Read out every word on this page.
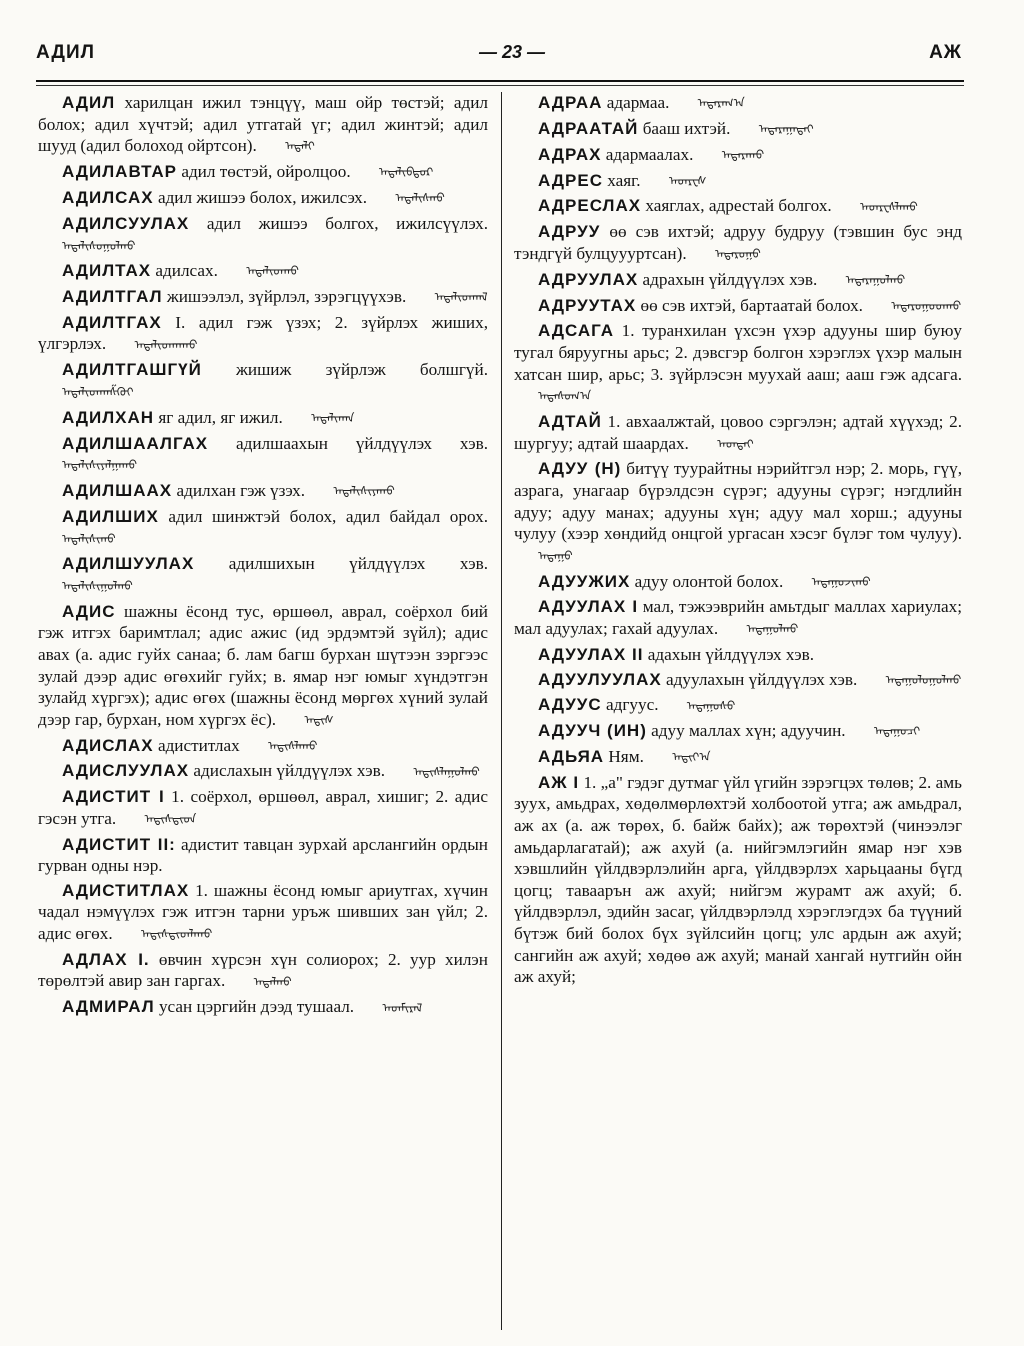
АДИЛ	— 23 —	АЖ

АДИЛ харилцан ижил тэнцүү, маш ойр төстэй; адил болох; адил хүчтэй; адил утгатай үг; адил жинтэй; адил шууд (адил болоход ойртсон). ᠠᠳᠠᠯᠢ

АДИЛАВТАР адил төстэй, ойролцоо. ᠠᠳᠠᠯᠢᠪᠲᠤᠷ

АДИЛСАХ адил жишээ болох, ижилсэх. ᠠᠳᠠᠯᠢᠰᠬᠤ

АДИЛСУУЛАХ адил жишээ болгох, ижилсүүлэх. ᠠᠳᠠᠯᠢᠰᠤᠭᠤᠯᠬᠤ

АДИЛТАХ адилсах. ᠠᠳᠠᠯᠢᠳᠬᠤ

АДИЛТГАЛ жишээлэл, зүйрлэл, зэрэгцүүхэв. ᠠᠳᠠᠯᠢᠳᠬᠠᠯ

АДИЛТГАХ I. адил гэж үзэх; 2. зүйрлэх жиших, үлгэрлэх. ᠠᠳᠠᠯᠢᠳᠬᠠᠬᠤ

АДИЛТГАШГҮЙ жишиж зүйрлэж болшгүй. ᠠᠳᠠᠯᠢᠳᠬᠠᠱᠭᠦᠢ

АДИЛХАН яг адил, яг ижил. ᠠᠳᠠᠯᠢᠬᠠᠨ

АДИЛШААЛГАХ адилшаахын үйлдүүлэх хэв. ᠠᠳᠠᠯᠢᠰᠢᠶᠠᠯᠭᠠᠬᠤ

АДИЛШААХ адилхан гэж үзэх. ᠠᠳᠠᠯᠢᠰᠢᠶᠠᠬᠤ

АДИЛШИХ адил шинжтэй болох, адил байдал орох. ᠠᠳᠠᠯᠢᠰᠢᠬᠤ

АДИЛШУУЛАХ адилшихын үйлдүүлэх хэв. ᠠᠳᠠᠯᠢᠰᠢᠭᠤᠯᠬᠤ

АДИС шажны ёсонд тус, өршөөл, аврал, соёрхол бий гэж итгэх баримтлал; адис ажис (ид эрдэмтэй зүйл); адис авах (а. адис гуйх санаа; б. лам багш бурхан шүтээн зэргээс зулай дээр адис өгөхийг гуйх; в. ямар нэг юмыг хүндэтгэн зулайд хүргэх); адис өгөх (шажны ёсонд мөргөх хүний зулай дээр гар, бурхан, ном хүргэх ёс). ᠠᠳᠢᠰ

АДИСЛАХ адиститлах ᠠᠳᠢᠰᠯᠠᠬᠤ

АДИСЛУУЛАХ адислахын үйлдүүлэх хэв. ᠠᠳᠢᠰᠯᠠᠭᠤᠯᠬᠤ

АДИСТИТ I 1. соёрхол, өршөөл, аврал, хишиг; 2. адис гэсэн утга. ᠠᠳᠢᠰᠲᠢᠳ

АДИСТИТ II: адистит тавцан зурхай арслангийн ордын гурван одны нэр.

АДИСТИТЛАХ 1. шажны ёсонд юмыг ариутгах, хүчин чадал нэмүүлэх гэж итгэн тарни уръж шивших зан үйл; 2. адис өгөх. ᠠᠳᠢᠰᠲᠢᠳᠯᠠᠬᠤ

АДЛАХ I. өвчин хүрсэн хүн солиорох; 2. уур хилэн төрөлтэй авир зан гаргах. ᠠᠳᠠᠯᠬᠤ

АДМИРАЛ усан цэргийн дээд тушаал. ᠠᠳᠮᠢᠷᠠᠯ

АДРАА адармаа. ᠠᠳᠠᠷᠠᠭ᠎ᠠ

АДРААТАЙ бааш ихтэй. ᠠᠳᠠᠷᠠᠭᠠᠲᠠᠢ

АДРАХ адармаалах. ᠠᠳᠠᠷᠠᠬᠤ

АДРЕС хаяг. ᠠᠳᠷᠧᠰ

АДРЕСЛАХ хаяглах, адрестай болгох. ᠠᠳᠷᠧᠰᠯᠠᠬᠤ

АДРУУ өө сэв ихтэй; адруу будруу (тэвшин бус энд тэндгүй булцуууртсан). ᠠᠳᠠᠷᠤᠭᠤ

АДРУУЛАХ адрахын үйлдүүлэх хэв. ᠠᠳᠠᠷᠠᠭᠤᠯᠬᠤ

АДРУУТАХ өө сэв ихтэй, бартаатай болох. ᠠᠳᠠᠷᠤᠭᠤᠳᠬᠤ

АДСАГА 1. туранхилан үхсэн үхэр адууны шир буюу тугал бяруугны арьс; 2. дэвсгэр болгон хэрэглэх үхэр малын хатсан шир, арьс; 3. зүйрлэсэн муухай ааш; ааш гэж адсага. ᠠᠳᠠᠰᠤᠭ᠎ᠠ

АДТАЙ 1. авхаалжтай, цовоо сэргэлэн; адтай хүүхэд; 2. шургуу; адтай шаардах. ᠠᠳᠲᠠᠢ

АДУУ (Н) битүү туурайтны нэрийтгэл нэр; 2. морь, гүү, азрага, унагаар бүрэлдсэн сүрэг; адууны сүрэг; нэгдлийн адуу; адуу манах; адууны хүн; адуу мал хорш.; адууны чулуу (хээр хөндийд онцгой ургасан хэсэг бүлэг том чулуу). ᠠᠳᠠᠭᠤ

АДУУЖИХ адуу олонтой болох. ᠠᠳᠠᠭᠤᠵᠢᠬᠤ

АДУУЛАХ I мал, тэжээврийн амьтдыг маллах хариулах; мал адуулах; гахай адуулах. ᠠᠳᠠᠭᠤᠯᠬᠤ

АДУУЛАХ II адахын үйлдүүлэх хэв.

АДУУЛУУЛАХ адуулахын үйлдүүлэх хэв. ᠠᠳᠠᠭᠤᠯᠤᠭᠤᠯᠬᠤ

АДУУС адгуус. ᠠᠳᠠᠭᠤᠰᠤ

АДУУЧ (ИН) адуу маллах хүн; адуучин. ᠠᠳᠠᠭᠤᠴᠢ

АДЬЯА Ням. ᠠᠳᠢᠶ᠎ᠠ

АЖ I 1. „а" гэдэг дутмаг үйл үгийн зэрэгцэх төлөв; 2. амь зуух, амьдрах, хөдөлмөрлөхтэй холбоотой утга; аж амьдрал, аж ах (а. аж төрөх, б. байж байх); аж төрөхтэй (чинээлэг амьдарлагатай); аж ахуй (а. нийгэмлэгийн ямар нэг хэв хэвшлийн үйлдвэрлэлийн арга, үйлдвэрлэх харьцааны бүгд цогц; таваарън аж ахуй; нийгэм журамт аж ахуй; б. үйлдвэрлэл, эдийн засаг, үйлдвэрлэлд хэрэглэгдэх ба түүний бүтэж бий болох бүх зүйлсийн цогц; улс ардын аж ахуй; сангийн аж ахуй; хөдөө аж ахуй; манай хангай нутгийн ойн аж ахуй;
